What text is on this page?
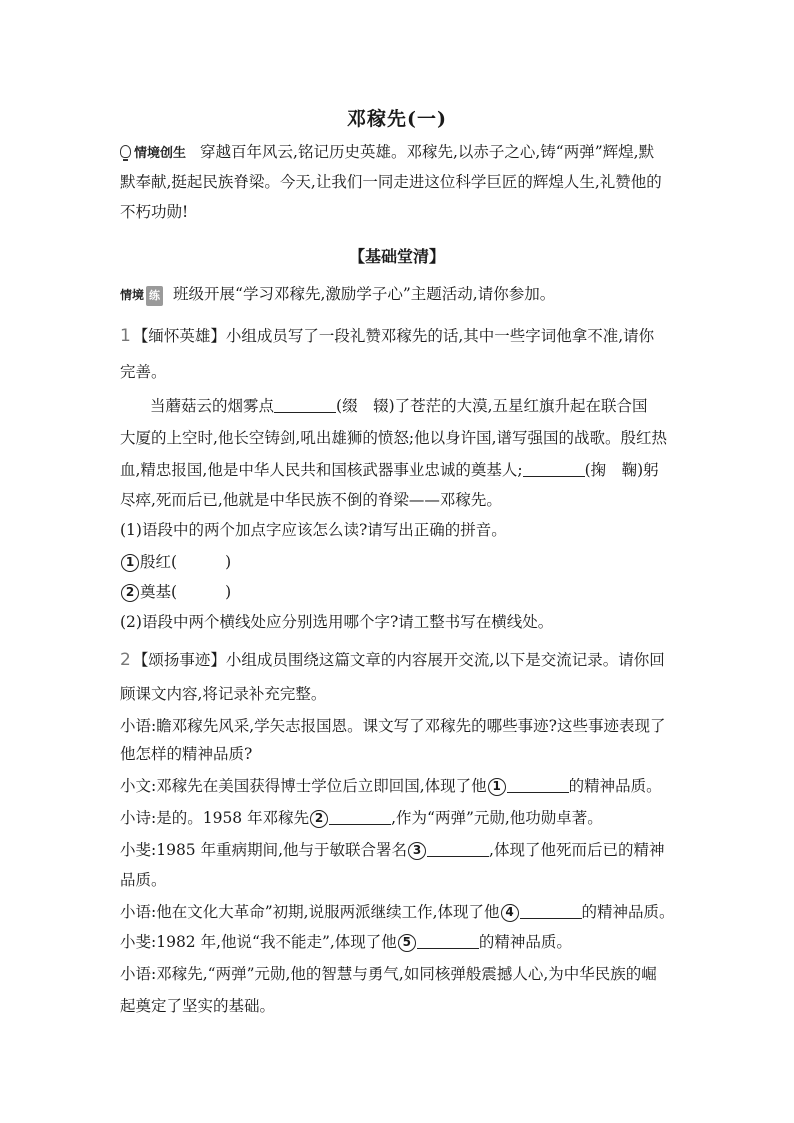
邓稼先(一)
情境创生 穿越百年风云,铭记历史英雄。邓稼先,以赤子之心,铸“两弹”辉煌,默
默奉献,挺起民族脊梁。今天,让我们一同走进这位科学巨匠的辉煌人生,礼赞他的
不朽功勋!
【基础堂清】
情境 练 班级开展“学习邓稼先,激励学子心”主题活动,请你参加。
1 【缅怀英雄】小组成员写了一段礼赞邓稼先的话,其中一些字词他拿不准,请你
完善。
当蘑菇云的烟雾点	(缀　辍)了苍茫的大漠,五星红旗升起在联合国
大厦的上空时,他长空铸剑,吼出雄狮的愤怒;他以身许国,谱写强国的战歌。殷红热
血,精忠报国,他是中华人民共和国核武器事业忠诚的奠基人;	(掬　鞠)躬
尽瘁,死而后已,他就是中华民族不倒的脊梁——邓稼先。
(1)语段中的两个加点字应该怎么读?请写出正确的拼音。
1 殷红(	)
2 奠基(	)
(2)语段中两个横线处应分别选用哪个字?请工整书写在横线处。
2 【颂扬事迹】小组成员围绕这篇文章的内容展开交流,以下是交流记录。请你回
顾课文内容,将记录补充完整。
小语:瞻邓稼先风采,学矢志报国恩。课文写了邓稼先的哪些事迹?这些事迹表现了
他怎样的精神品质?
小文:邓稼先在美国获得博士学位后立即回国,体现了他 1	的精神品质。
小诗:是的。1958 年邓稼先 2	,作为“两弹”元勋,他功勋卓著。
小斐:1985 年重病期间,他与于敏联合署名 3	,体现了他死而后已的精神
品质。
小语:他在文化大革命”初期,说服两派继续工作,体现了他 4	的精神品质。
小斐:1982 年,他说“我不能走”,体现了他 5	的精神品质。
小语:邓稼先,“两弹”元勋,他的智慧与勇气,如同核弹般震撼人心,为中华民族的崛
起奠定了坚实的基础。
